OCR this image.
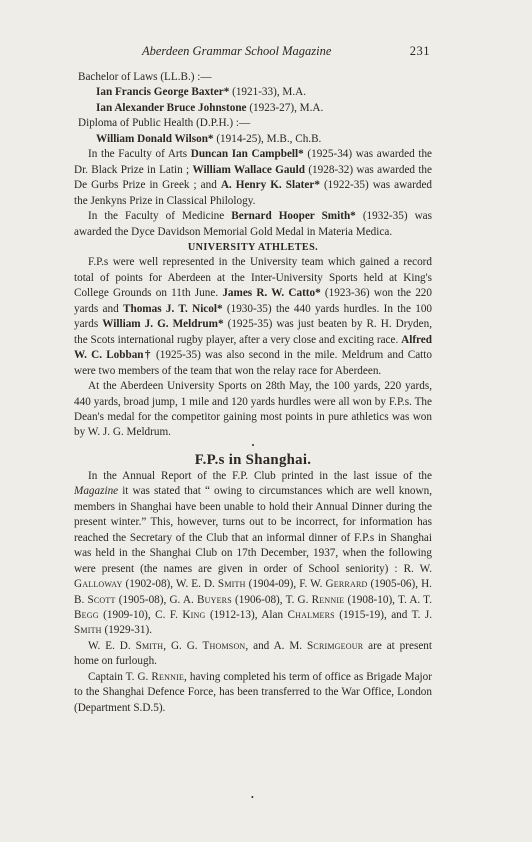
Aberdeen Grammar School Magazine	231

Bachelor of Laws (LL.B.) :—

Ian Francis George Baxter* (1921-33), M.A.

Ian Alexander Bruce Johnstone (1923-27), M.A.

Diploma of Public Health (D.P.H.) :—

William Donald Wilson* (1914-25), M.B., Ch.B.

In the Faculty of Arts Duncan Ian Campbell* (1925-34) was awarded the Dr. Black Prize in Latin ; William Wallace Gauld (1928-32) was awarded the De Gurbs Prize in Greek ; and A. Henry K. Slater* (1922-35) was awarded the Jenkyns Prize in Classical Philology.

In the Faculty of Medicine Bernard Hooper Smith* (1932-35) was awarded the Dyce Davidson Memorial Gold Medal in Materia Medica.

UNIVERSITY ATHLETES.

F.P.s were well represented in the University team which gained a record total of points for Aberdeen at the Inter-University Sports held at King's College Grounds on 11th June. James R. W. Catto* (1923-36) won the 220 yards and Thomas J. T. Nicol* (1930-35) the 440 yards hurdles. In the 100 yards William J. G. Meldrum* (1925-35) was just beaten by R. H. Dryden, the Scots international rugby player, after a very close and exciting race. Alfred W. C. Lobban† (1925-35) was also second in the mile. Meldrum and Catto were two members of the team that won the relay race for Aberdeen.

At the Aberdeen University Sports on 28th May, the 100 yards, 220 yards, 440 yards, broad jump, 1 mile and 120 yards hurdles were all won by F.P.s. The Dean's medal for the competitor gaining most points in pure athletics was won by W. J. G. Meldrum.

•

F.P.s in Shanghai.

In the Annual Report of the F.P. Club printed in the last issue of the Magazine it was stated that “ owing to circumstances which are well known, members in Shanghai have been unable to hold their Annual Dinner during the present winter.” This, however, turns out to be incorrect, for information has reached the Secretary of the Club that an informal dinner of F.P.s in Shanghai was held in the Shanghai Club on 17th December, 1937, when the following were present (the names are given in order of School seniority) : R. W. Galloway (1902-08), W. E. D. Smith (1904-09), F. W. Gerrard (1905-06), H. B. Scott (1905-08), G. A. Buyers (1906-08), T. G. Rennie (1908-10), T. A. T. Begg (1909-10), C. F. King (1912-13), Alan Chalmers (1915-19), and T. J. Smith (1929-31).

W. E. D. Smith, G. G. Thomson, and A. M. Scrimgeour are at present home on furlough.

Captain T. G. Rennie, having completed his term of office as Brigade Major to the Shanghai Defence Force, has been transferred to the War Office, London (Department S.D.5).

•
